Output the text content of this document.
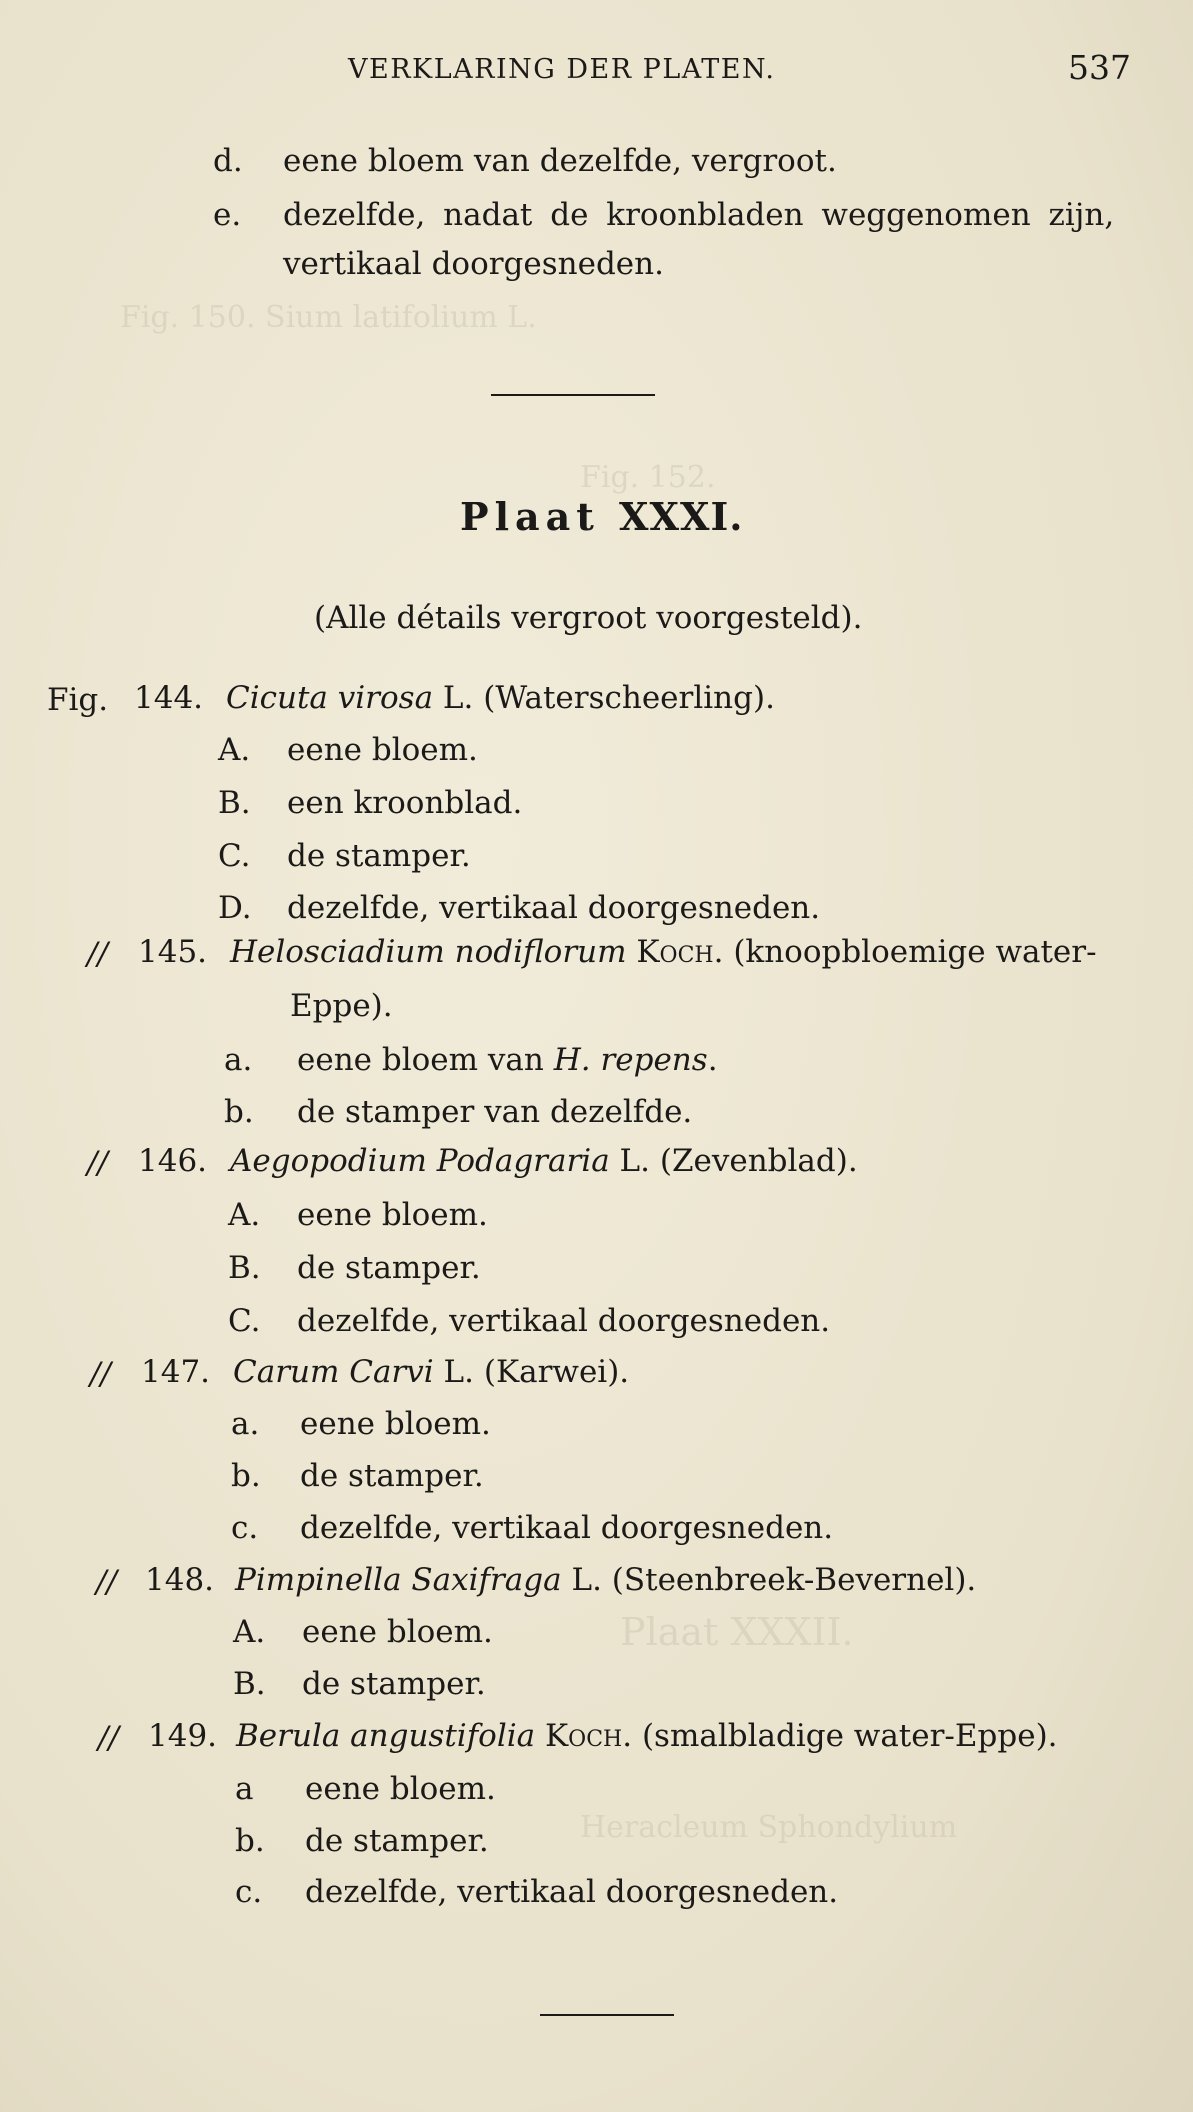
Fig. 150. Sium latifolium L.
Fig. 152.
Plaat XXXII.
Heracleum Sphondylium
VERKLARING DER PLATEN.	537
d. eene bloem van dezelfde, vergroot.
e. dezelfde, nadat de kroonbladen weggenomen zijn,
vertikaal doorgesneden.
Plaat XXXI.
(Alle détails vergroot voorgesteld).
Fig. 144. Cicuta virosa L. (Waterscheerling).
A. eene bloem.
B. een kroonblad.
C. de stamper.
D. dezelfde, vertikaal doorgesneden.
// 145. Helosciadium nodiflorum Koch. (knoopbloemige water-
Eppe).
a. eene bloem van H. repens.
b. de stamper van dezelfde.
// 146. Aegopodium Podagraria L. (Zevenblad).
A. eene bloem.
B. de stamper.
C. dezelfde, vertikaal doorgesneden.
// 147. Carum Carvi L. (Karwei).
a. eene bloem.
b. de stamper.
c. dezelfde, vertikaal doorgesneden.
// 148. Pimpinella Saxifraga L. (Steenbreek-Bevernel).
A. eene bloem.
B. de stamper.
// 149. Berula angustifolia Koch. (smalbladige water-Eppe).
a eene bloem.
b. de stamper.
c. dezelfde, vertikaal doorgesneden.
